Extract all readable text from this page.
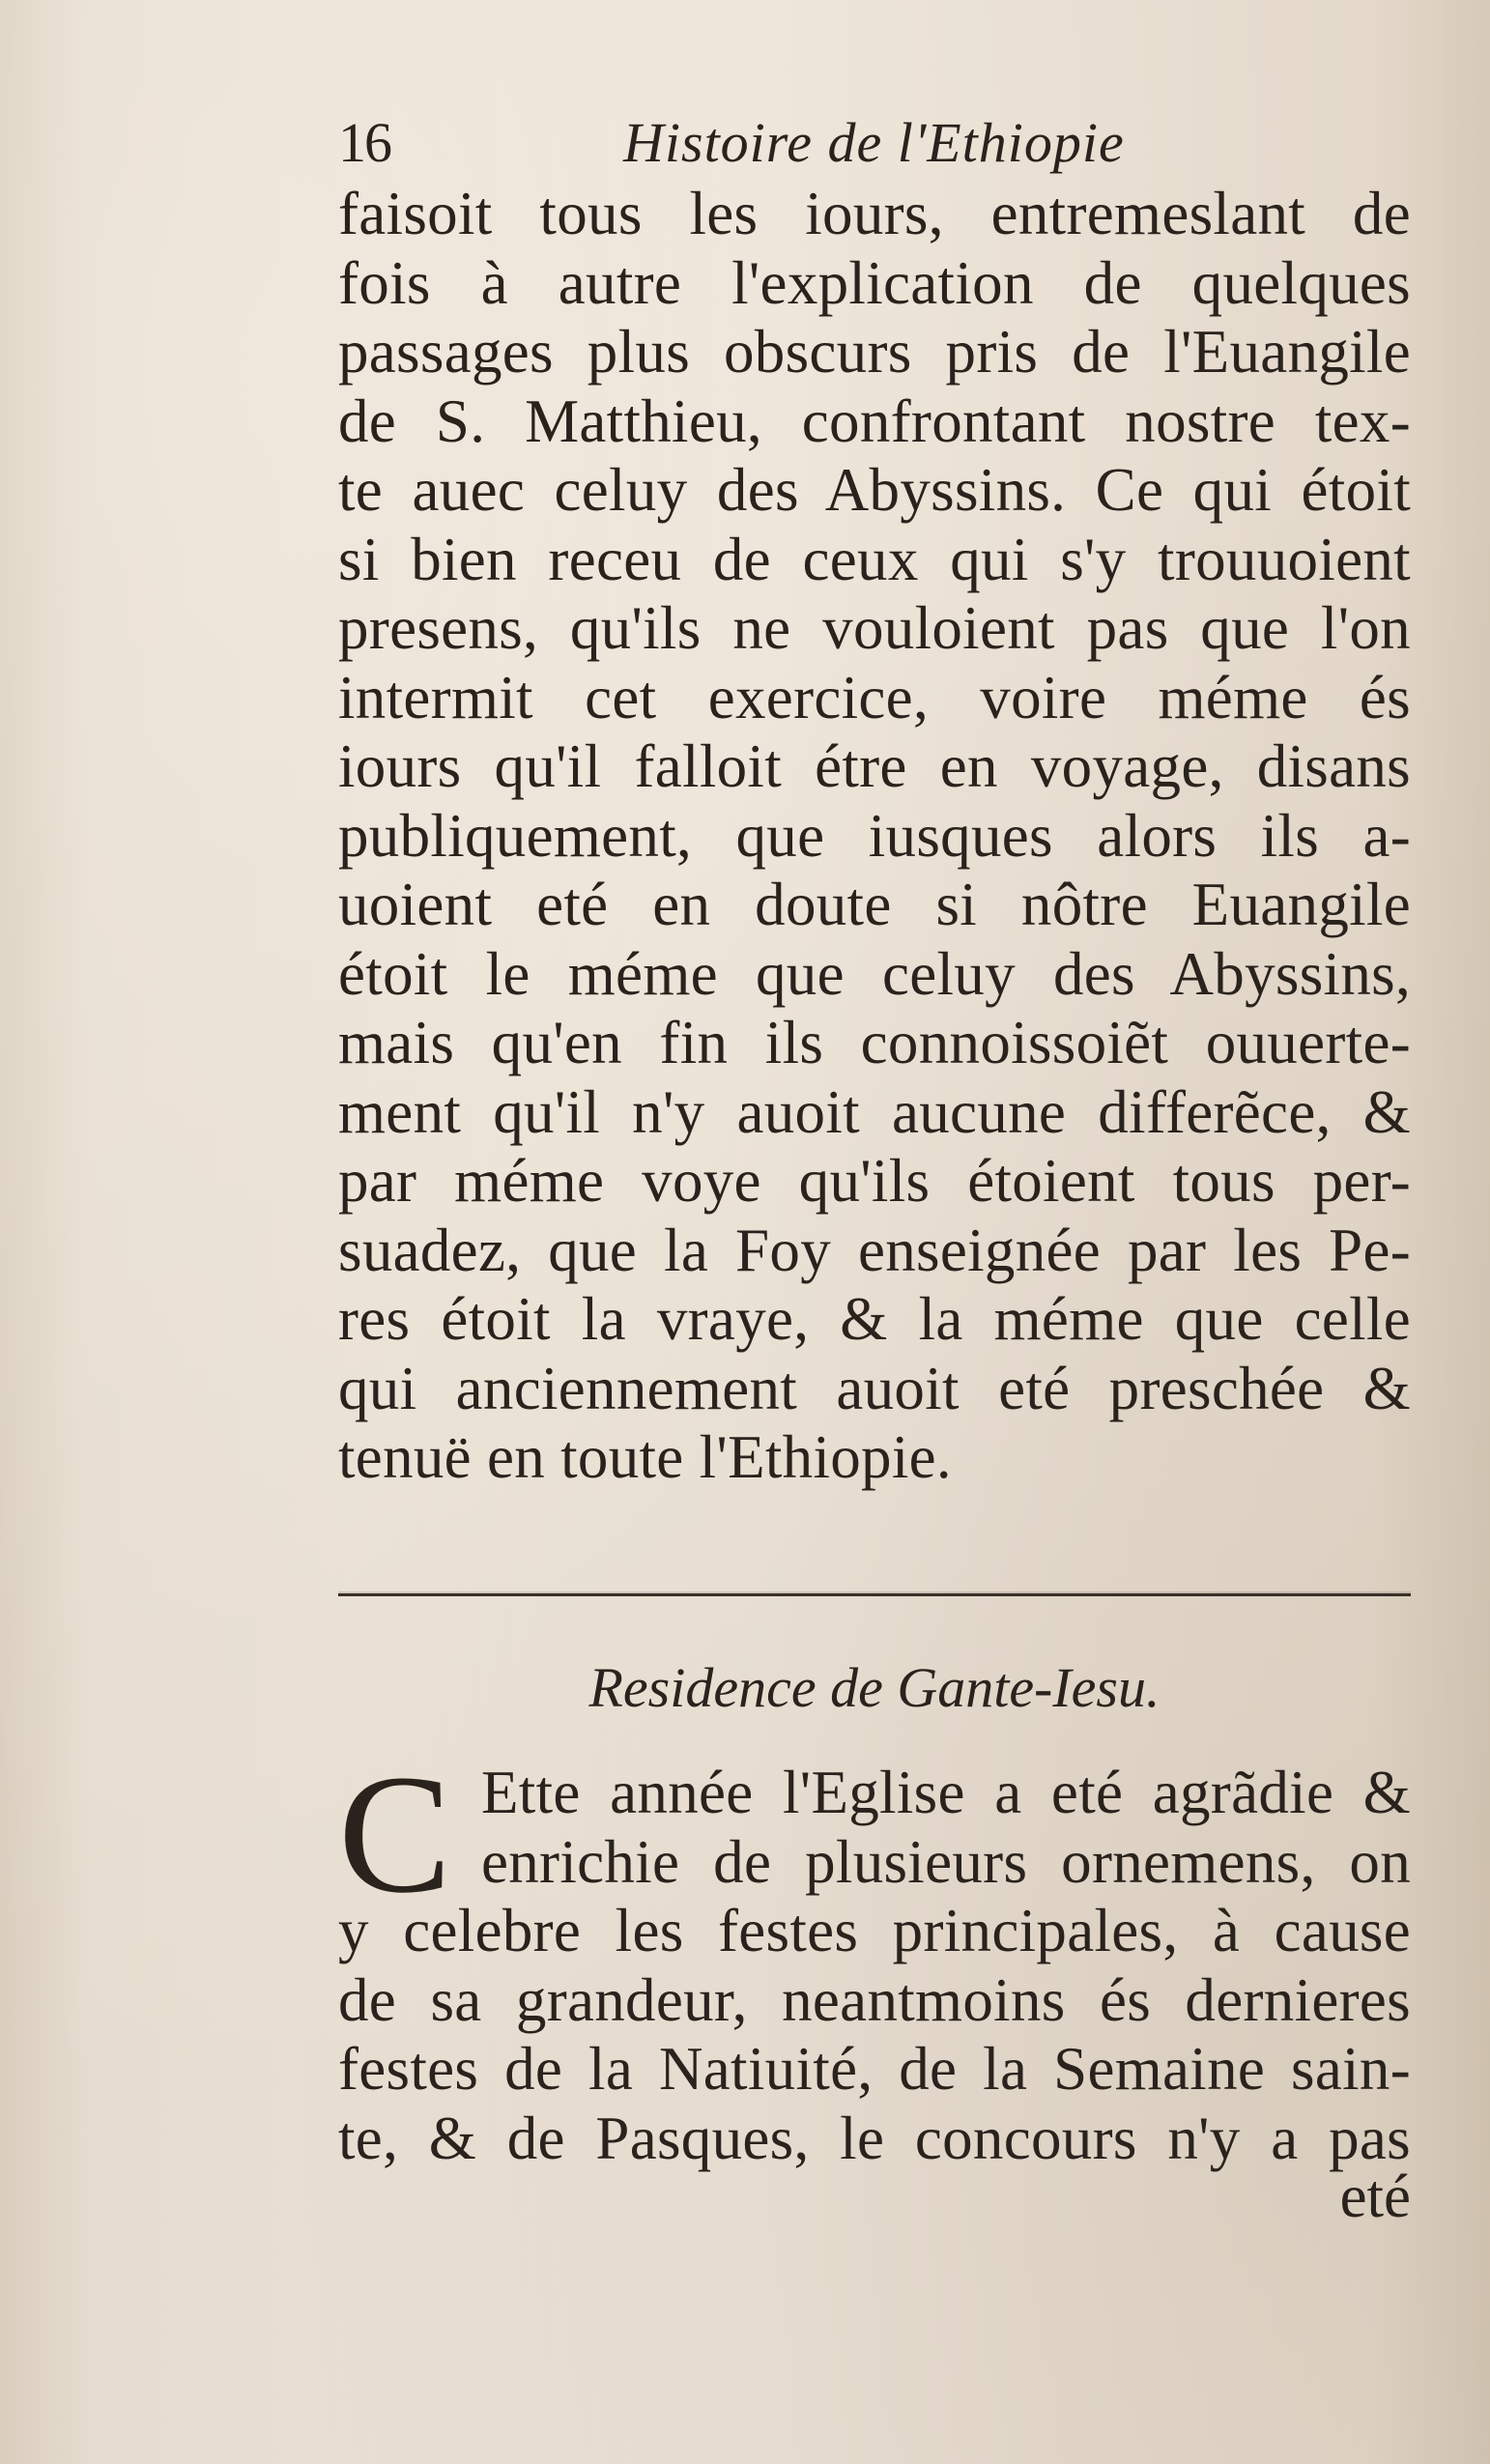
16	Histoire de l'Ethiopie
faisoit tous les iours, entremeslant de
fois à autre l'explication de quelques
passages plus obscurs pris de l'Euangile
de S. Matthieu, confrontant nostre tex-
te auec celuy des Abyssins. Ce qui étoit
si bien receu de ceux qui s'y trouuoient
presens, qu'ils ne vouloient pas que l'on
intermit cet exercice, voire méme és
iours qu'il falloit étre en voyage, disans
publiquement, que iusques alors ils a-
uoient eté en doute si nôtre Euangile
étoit le méme que celuy des Abyssins,
mais qu'en fin ils connoissoiẽt ouuerte-
ment qu'il n'y auoit aucune differẽce, &
par méme voye qu'ils étoient tous per-
suadez, que la Foy enseignée par les Pe-
res étoit la vraye, & la méme que celle
qui anciennement auoit eté preschée &
tenuë en toute l'Ethiopie.
Residence de Gante-Iesu.
C Ette année l'Eglise a eté agrãdie &
enrichie de plusieurs ornemens, on
y celebre les festes principales, à cause
de sa grandeur, neantmoins és dernieres
festes de la Natiuité, de la Semaine sain-
te, & de Pasques, le concours n'y a pas
eté
